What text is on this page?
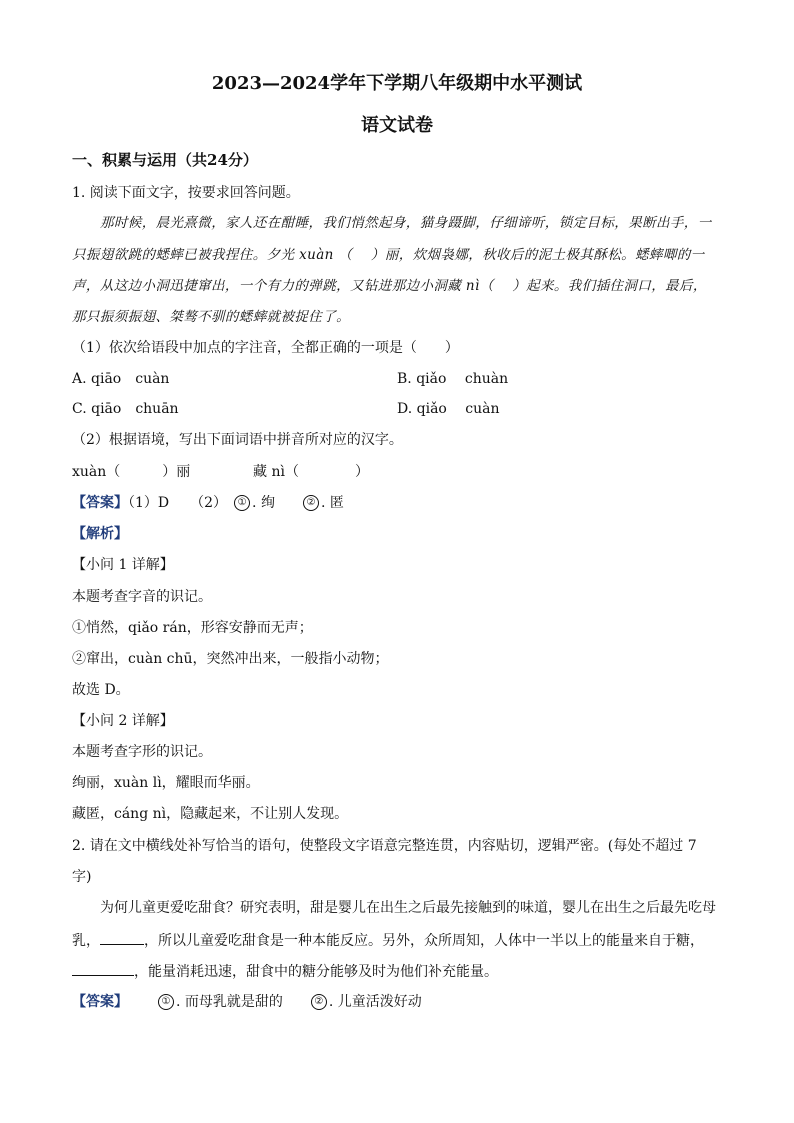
2023—2024学年下学期八年级期中水平测试
语文试卷
一、积累与运用（共24分）
1. 阅读下面文字，按要求回答问题。
那时候，晨光熹微，家人还在酣睡，我们悄然起身，猫身蹑脚，仔细谛听，锁定目标，果断出手，一
只振翅欲跳的蟋蟀已被我捏住。夕光 xuàn （　 ）丽，炊烟袅娜，秋收后的泥土极其酥松。蟋蟀唧的一
声，从这边小洞迅捷窜出，一个有力的弹跳，又钻进那边小洞藏 nì（　 ）起来。我们插住洞口，最后，
那只振须振翅、桀骜不驯的蟋蟀就被捉住了。
（1）依次给语段中加点的字注音，全都正确的一项是（　　）
A. qiāo　cuàn	B. qiǎo　 chuàn
C. qiāo　chuān	D. qiǎo　 cuàn
（2）根据语境，写出下面词语中拼音所对应的汉字。
xuàn（　　　）丽	藏 nì（　　　　）
【答案】（1）D　　（2）　① . 绚　　② . 匿
【解析】
【小问 1 详解】
本题考查字音的识记。
①悄然，qiǎo rán，形容安静而无声；
②窜出，cuàn chū，突然冲出来，一般指小动物；
故选 D。
【小问 2 详解】
本题考查字形的识记。
绚丽，xuàn lì，耀眼而华丽。
藏匿，cáng nì，隐藏起来，不让别人发现。
2. 请在文中横线处补写恰当的语句，使整段文字语意完整连贯，内容贴切，逻辑严密。(每处不超过 7
字)
为何儿童更爱吃甜食？研究表明，甜是婴儿在出生之后最先接触到的味道，婴儿在出生之后最先吃母
乳，	，所以儿童爱吃甜食是一种本能反应。另外，众所周知，人体中一半以上的能量来自于糖，
，能量消耗迅速，甜食中的糖分能够及时为他们补充能量。
【答案】	① . 而母乳就是甜的　　② . 儿童活泼好动
